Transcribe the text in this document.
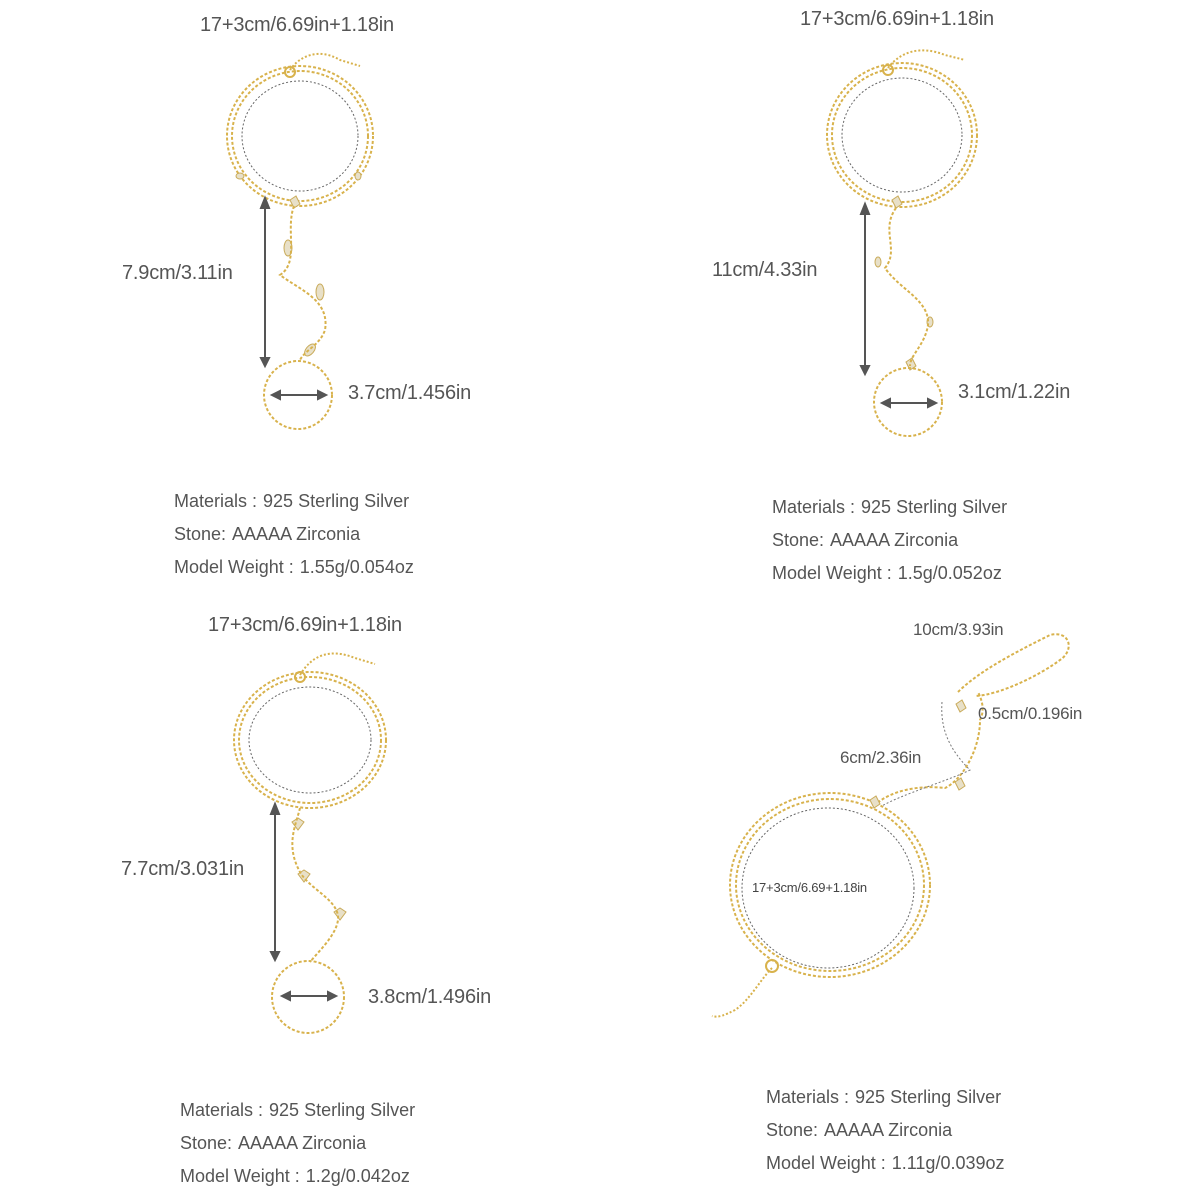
17+3cm/6.69in+1.18in
7.9cm/3.11in
3.7cm/1.456in
Materials : 925 Sterling Silver
Stone: AAAAA Zirconia
Model Weight : 1.55g/0.054oz
17+3cm/6.69in+1.18in
11cm/4.33in
3.1cm/1.22in
Materials : 925 Sterling Silver
Stone: AAAAA Zirconia
Model Weight : 1.5g/0.052oz
17+3cm/6.69in+1.18in
7.7cm/3.031in
3.8cm/1.496in
Materials : 925 Sterling Silver
Stone: AAAAA Zirconia
Model Weight : 1.2g/0.042oz
10cm/3.93in
0.5cm/0.196in
6cm/2.36in
17+3cm/6.69+1.18in
Materials : 925 Sterling Silver
Stone: AAAAA Zirconia
Model Weight : 1.11g/0.039oz
